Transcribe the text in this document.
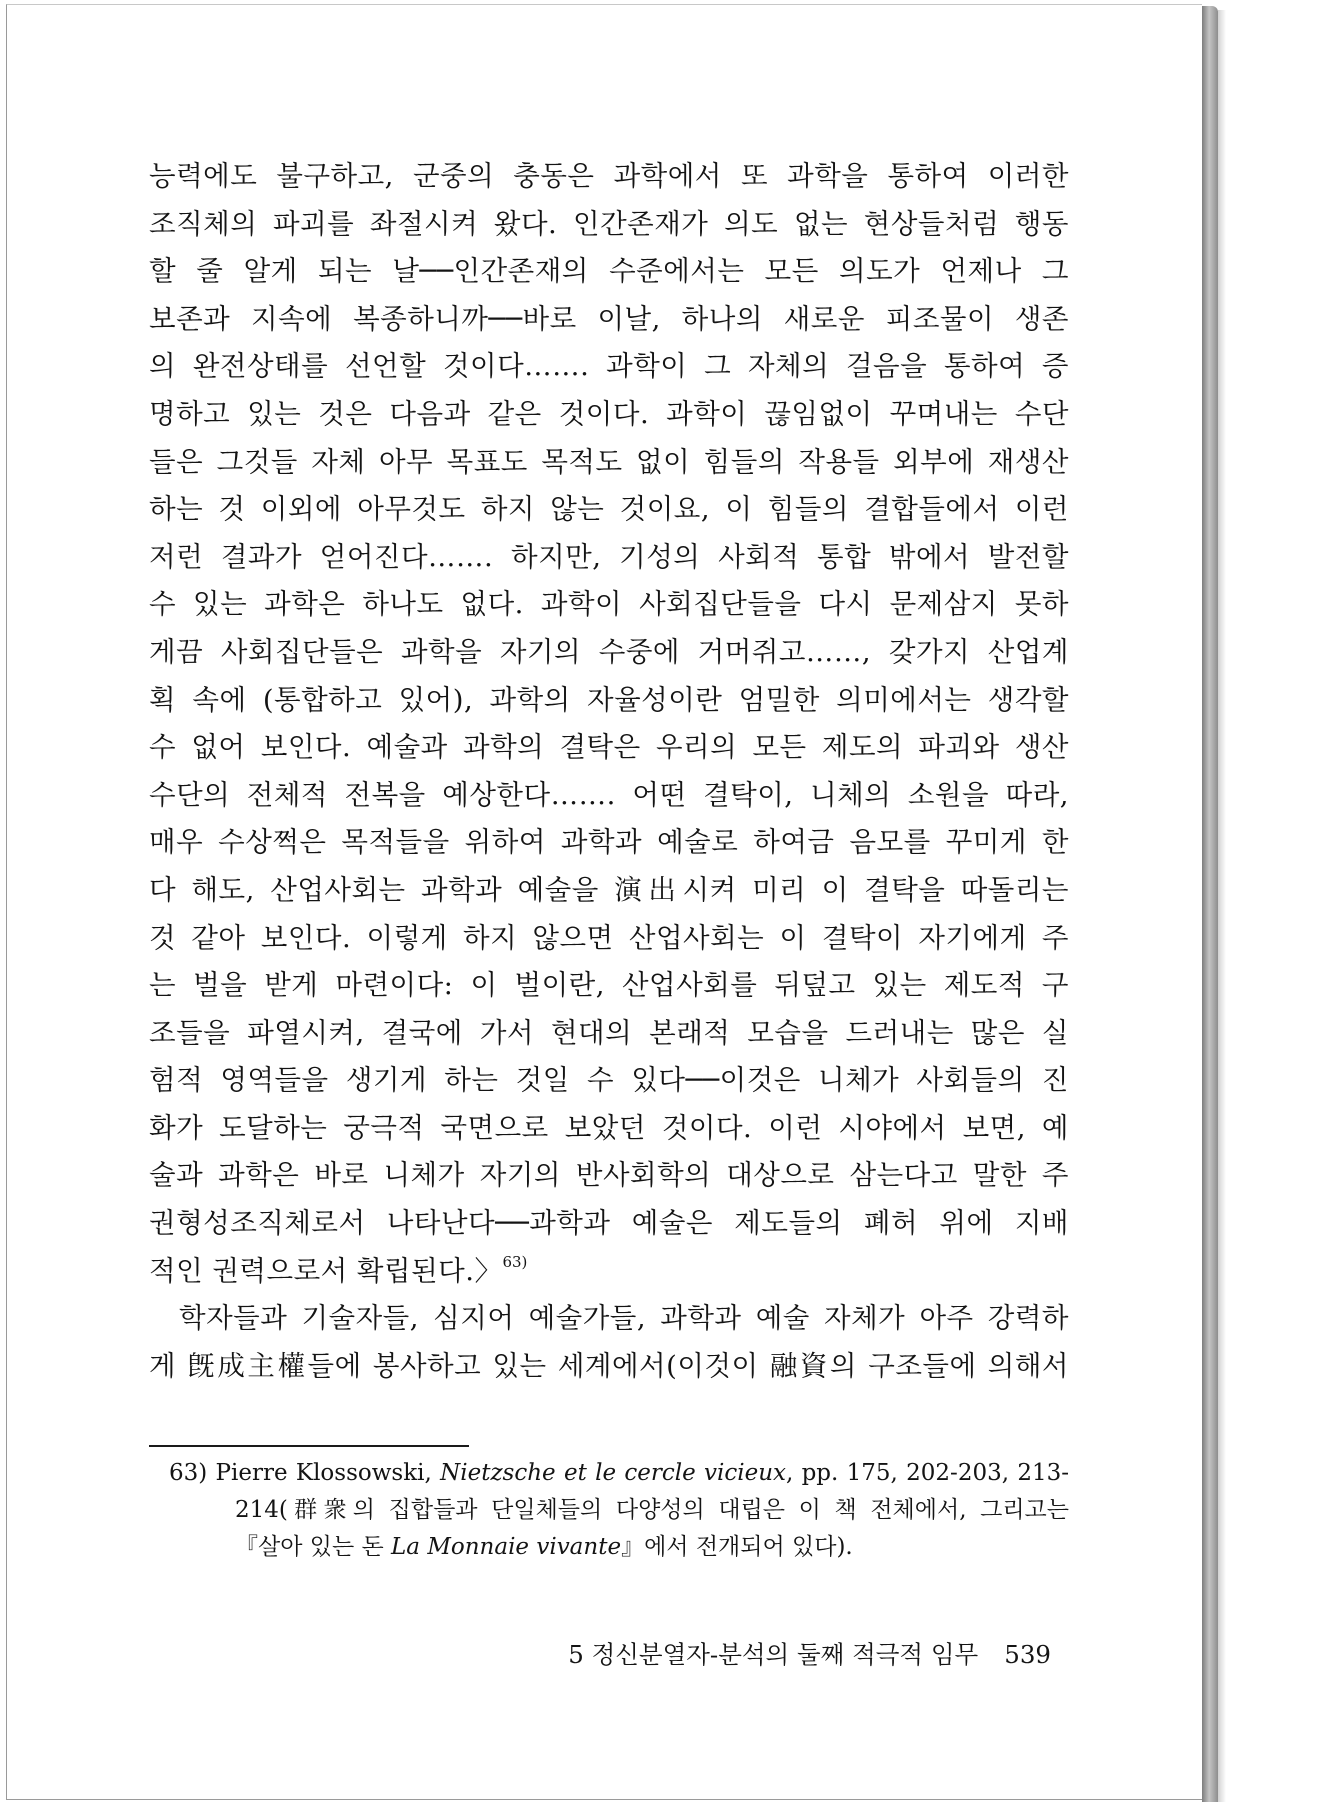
능력에도 불구하고, 군중의 충동은 과학에서 또 과학을 통하여 이러한
조직체의 파괴를 좌절시켜 왔다. 인간존재가 의도 없는 현상들처럼 행동
할 줄 알게 되는 날──인간존재의 수준에서는 모든 의도가 언제나 그
보존과 지속에 복종하니까──바로 이날, 하나의 새로운 피조물이 생존
의 완전상태를 선언할 것이다……. 과학이 그 자체의 걸음을 통하여 증
명하고 있는 것은 다음과 같은 것이다. 과학이 끊임없이 꾸며내는 수단
들은 그것들 자체 아무 목표도 목적도 없이 힘들의 작용들 외부에 재생산
하는 것 이외에 아무것도 하지 않는 것이요, 이 힘들의 결합들에서 이런
저런 결과가 얻어진다……. 하지만, 기성의 사회적 통합 밖에서 발전할
수 있는 과학은 하나도 없다. 과학이 사회집단들을 다시 문제삼지 못하
게끔 사회집단들은 과학을 자기의 수중에 거머쥐고……, 갖가지 산업계
획 속에 (통합하고 있어), 과학의 자율성이란 엄밀한 의미에서는 생각할
수 없어 보인다. 예술과 과학의 결탁은 우리의 모든 제도의 파괴와 생산
수단의 전체적 전복을 예상한다……. 어떤 결탁이, 니체의 소원을 따라,
매우 수상쩍은 목적들을 위하여 과학과 예술로 하여금 음모를 꾸미게 한
다 해도, 산업사회는 과학과 예술을 演出시켜 미리 이 결탁을 따돌리는
것 같아 보인다. 이렇게 하지 않으면 산업사회는 이 결탁이 자기에게 주
는 벌을 받게 마련이다: 이 벌이란, 산업사회를 뒤덮고 있는 제도적 구
조들을 파열시켜, 결국에 가서 현대의 본래적 모습을 드러내는 많은 실
험적 영역들을 생기게 하는 것일 수 있다──이것은 니체가 사회들의 진
화가 도달하는 궁극적 국면으로 보았던 것이다. 이런 시야에서 보면, 예
술과 과학은 바로 니체가 자기의 반사회학의 대상으로 삼는다고 말한 주
권형성조직체로서 나타난다──과학과 예술은 제도들의 폐허 위에 지배
적인 권력으로서 확립된다.〉$^{63)}$
학자들과 기술자들, 심지어 예술가들, 과학과 예술 자체가 아주 강력하
게 旣成主權들에 봉사하고 있는 세계에서(이것이 融資의 구조들에 의해서
63) Pierre Klossowski, Nietzsche et le cercle vicieux, pp. 175, 202-203, 213-
214(群衆의 집합들과 단일체들의 다양성의 대립은 이 책 전체에서, 그리고는
『살아 있는 돈 La Monnaie vivante』에서 전개되어 있다).
5 정신분열자-분석의 둘째 적극적 임무 539
